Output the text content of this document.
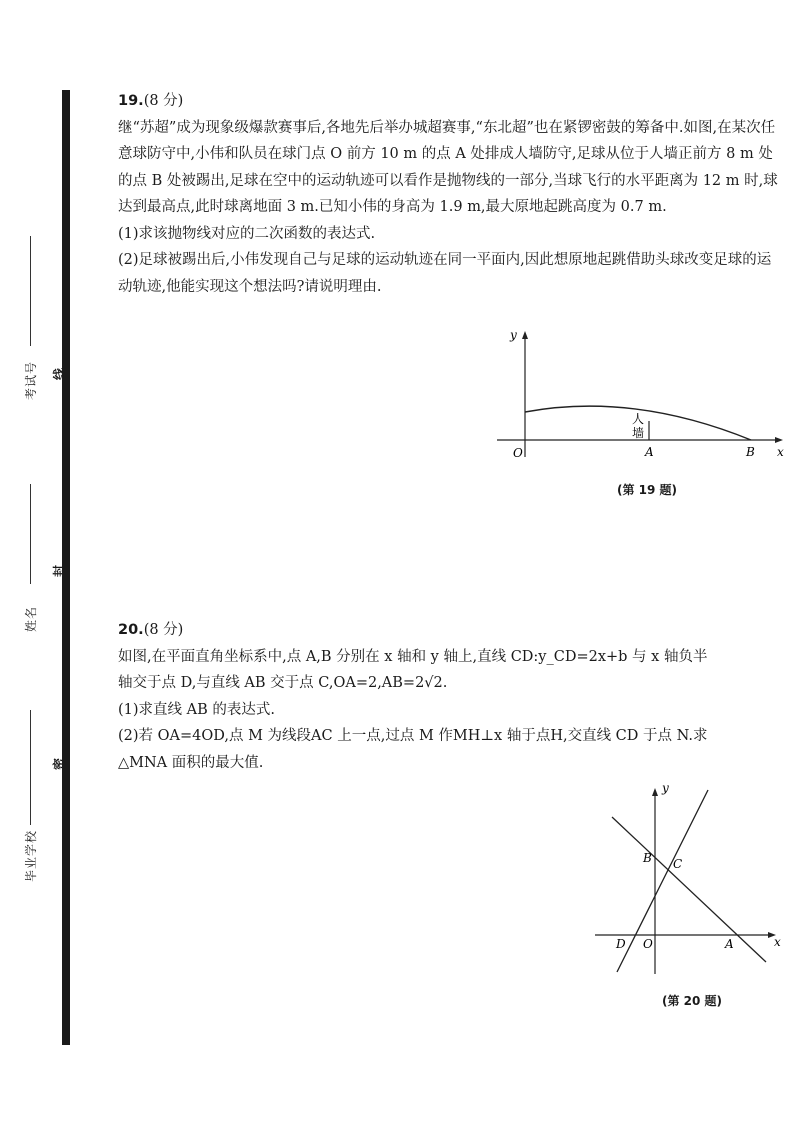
考试号
姓名
毕业学校
线
封
密

19.(8 分)

继“苏超”成为现象级爆款赛事后,各地先后举办城超赛事,“东北超”也在紧锣密鼓的筹备中.如图,在某次任意球防守中,小伟和队员在球门点 O 前方 10 m 的点 A 处排成人墙防守,足球从位于人墙正前方 8 m 处的点 B 处被踢出,足球在空中的运动轨迹可以看作是抛物线的一部分,当球飞行的水平距离为 12 m 时,球达到最高点,此时球离地面 3 m.已知小伟的身高为 1.9 m,最大原地起跳高度为 0.7 m.

(1)求该抛物线对应的二次函数的表达式.

(2)足球被踢出后,小伟发现自己与足球的运动轨迹在同一平面内,因此想原地起跳借助头球改变足球的运动轨迹,他能实现这个想法吗?请说明理由.

y
x
O	A	B
人
墙
(第 19 题)

20.(8 分)

如图,在平面直角坐标系中,点 A,B 分别在 x 轴和 y 轴上,直线 CD:y_CD=2x+b 与 x 轴负半

轴交于点 D,与直线 AB 交于点 C,OA=2,AB=2√2.

(1)求直线 AB 的表达式.

(2)若 OA=4OD,点 M 为线段AC 上一点,过点 M 作MH⊥x 轴于点H,交直线 CD 于点 N.求

△MNA 面积的最大值.

y
x
B C
D O	A
(第 20 题)
